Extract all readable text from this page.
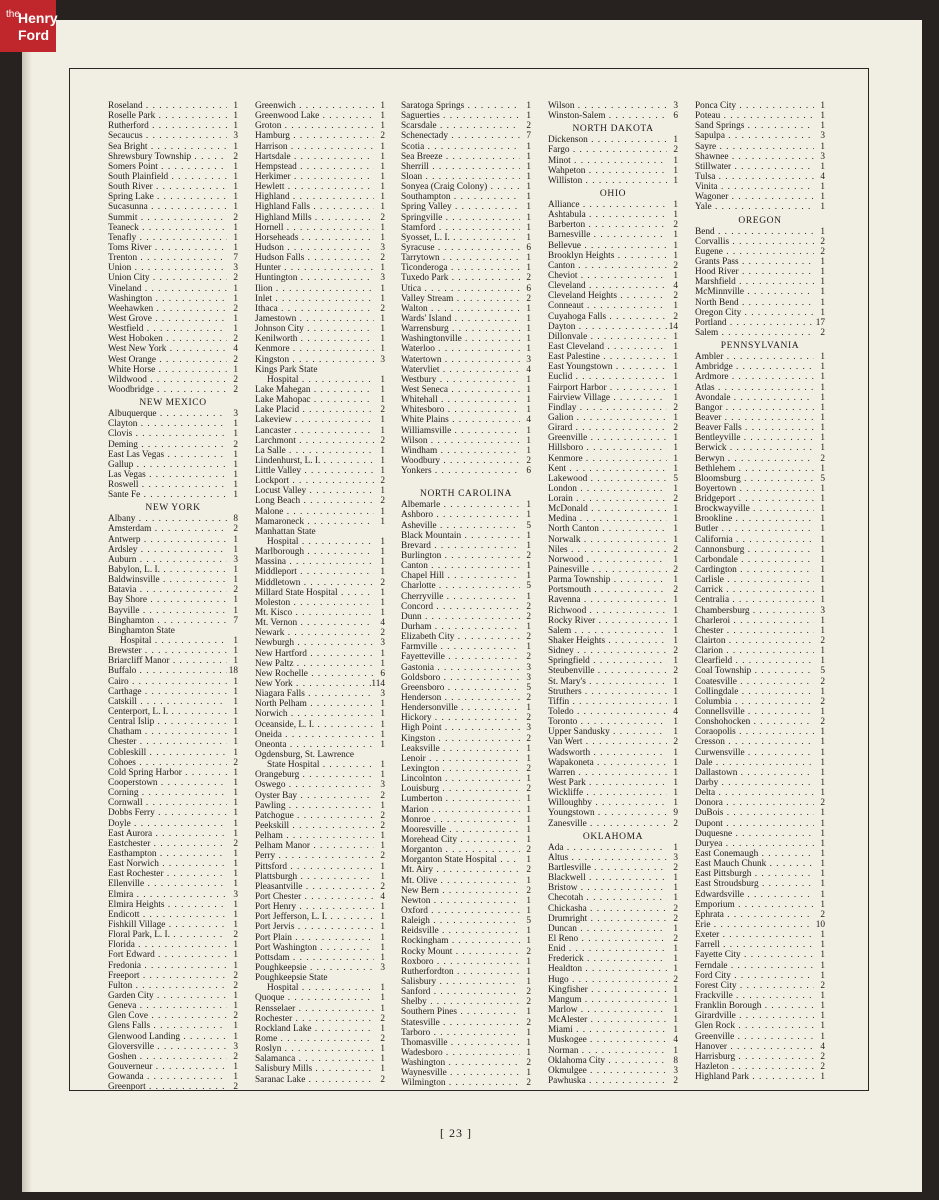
the
Henry
Ford
Roseland . . .	1
Roselle Park . . .	1
Rutherford . . .	1
Secaucus . . .	3
Sea Bright . . .	1
Shrewsbury Township . . .	2
Somers Point . . .	1
South Plainfield . . .	1
South River . . .	1
Spring Lake . . .	1
Sucasunna . . .	1
Summit . . .	2
Teaneck . . .	1
Tenafly . . .	1
Toms River . . .	1
Trenton . . .	7
Union . . .	3
Union City . . .	2
Vineland . . .	1
Washington . . .	1
Weehawken . . .	2
West Grove . . .	1
Westfield . . .	1
West Hoboken . . .	2
West New York . . .	4
West Orange . . .	2
White Horse . . .	1
Wildwood . . .	2
Woodbridge . . .	2
NEW MEXICO
Albuquerque . . .	3
Clayton . . .	1
Clovis . . .	1
Deming . . .	2
East Las Vegas . . .	1
Gallup . . .	1
Las Vegas . . .	1
Roswell . . .	1
Sante Fe . . .	1
NEW YORK
Albany . . .	8
Amsterdam . . .	2
Antwerp . . .	1
Ardsley . . .	1
Auburn . . .	3
Babylon, L. I. . . .	1
Baldwinsville . . .	1
Batavia . . .	2
Bay Shore . . .	1
Bayville . . .	1
Binghamton . . .	7
Binghamton State
Hospital . . .	1
Brewster . . .	1
Briarcliff Manor . . .	1
Buffalo . . .	18
Cairo . . .	1
Carthage . . .	1
Catskill . . .	1
Centerport, L. I. . . .	1
Central Islip . . .	1
Chatham . . .	1
Chester . . .	1
Cobleskill . . .	1
Cohoes . . .	2
Cold Spring Harbor . . .	1
Cooperstown . . .	1
Corning . . .	1
Cornwall . . .	1
Dobbs Ferry . . .	1
Doyle . . .	1
East Aurora . . .	1
Eastchester . . .	2
Easthampton . . .	1
East Norwich . . .	1
East Rochester . . .	1
Ellenville . . .	1
Elmira . . .	3
Elmira Heights . . .	1
Endicott . . .	1
Fishkill Village . . .	1
Floral Park, L. I. . . .	2
Florida . . .	1
Fort Edward . . .	1
Fredonia . . .	1
Freeport . . .	2
Fulton . . .	2
Garden City . . .	1
Geneva . . .	1
Glen Cove . . .	2
Glens Falls . . .	1
Glenwood Landing . . .	1
Gloversville . . .	3
Goshen . . .	2
Gouverneur . . .	1
Gowanda . . .	1
Greenport . . .	2
Greenwich . . .	1
Greenwood Lake . . .	1
Groton . . .	1
Hamburg . . .	2
Harrison . . .	1
Hartsdale . . .	1
Hempstead . . .	1
Herkimer . . .	1
Hewlett . . .	1
Highland . . .	1
Highland Falls . . .	1
Highland Mills . . .	2
Hornell . . .	1
Horseheads . . .	1
Hudson . . .	3
Hudson Falls . . .	2
Hunter . . .	1
Huntington . . .	3
Ilion . . .	1
Inlet . . .	1
Ithaca . . .	2
Jamestown . . .	1
Johnson City . . .	1
Kenilworth . . .	1
Kenmore . . .	1
Kingston . . .	3
Kings Park State
Hospital . . .	1
Lake Mahegan . . .	1
Lake Mahopac . . .	1
Lake Placid . . .	2
Lakeview . . .	1
Lancaster . . .	1
Larchmont . . .	2
La Salle . . .	1
Lindenhurst, L. I. . . .	1
Little Valley . . .	1
Lockport . . .	2
Locust Valley . . .	1
Long Beach . . .	2
Malone . . .	1
Mamaroneck . . .	1
Manhattan State
Hospital . . .	1
Marlborough . . .	1
Massina . . .	1
Middleport . . .	1
Middletown . . .	2
Millard State Hospital . . .	1
Moleston . . .	1
Mt. Kisco . . .	1
Mt. Vernon . . .	4
Newark . . .	2
Newburgh . . .	3
New Hartford . . .	1
New Paltz . . .	1
New Rochelle . . .	6
New York . . .	114
Niagara Falls . . .	3
North Pelham . . .	1
Norwich . . .	1
Oceanside, L. I. . . .	1
Oneida . . .	1
Oneonta . . .	1
Ogdensburg, St. Lawrence
State Hospital . . .	1
Orangeburg . . .	1
Oswego . . .	3
Oyster Bay . . .	2
Pawling . . .	1
Patchogue . . .	2
Peekskill . . .	2
Pelham . . .	1
Pelham Manor . . .	1
Perry . . .	2
Pittsford . . .	1
Plattsburgh . . .	1
Pleasantville . . .	2
Port Chester . . .	4
Port Henry . . .	1
Port Jefferson, L. I. . . .	1
Port Jervis . . .	1
Port Plain . . .	1
Port Washington . . .	1
Pottsdam . . .	1
Poughkeepsie . . .	3
Poughkeepsie State
Hospital . . .	1
Quoque . . .	1
Rensselaer . . .	1
Rochester . . .	2
Rockland Lake . . .	1
Rome . . .	2
Roslyn . . .	1
Salamanca . . .	1
Salisbury Mills . . .	1
Saranac Lake . . .	2
Saratoga Springs . . .	1
Saguerties . . .	1
Scarsdale . . .	2
Schenectady . . .	7
Scotia . . .	1
Sea Breeze . . .	1
Sherrill . . .	1
Sloan . . .	1
Sonyea (Craig Colony) . . .	1
Southampton . . .	1
Spring Valley . . .	1
Springville . . .	1
Stamford . . .	1
Syosset, L. I. . . .	1
Syracuse . . .	6
Tarrytown . . .	1
Ticonderoga . . .	1
Tuxedo Park . . .	2
Utica . . .	6
Valley Stream . . .	2
Walton . . .	1
Wards' Island . . .	1
Warrensburg . . .	1
Washingtonville . . .	1
Waterloo . . .	1
Watertown . . .	3
Watervliet . . .	4
Westbury . . .	1
West Seneca . . .	1
Whitehall . . .	1
Whitesboro . . .	1
White Plains . . .	4
Williamsville . . .	1
Wilson . . .	1
Windham . . .	1
Woodbury . . .	2
Yonkers . . .	6
NORTH CAROLINA
Albemarle . . .	1
Ashboro . . .	1
Asheville . . .	5
Black Mountain . . .	1
Brevard . . .	1
Burlington . . .	2
Canton . . .	1
Chapel Hill . . .	1
Charlotte . . .	5
Cherryville . . .	1
Concord . . .	2
Dunn . . .	2
Durham . . .	1
Elizabeth City . . .	2
Farmville . . .	1
Fayetteville . . .	2
Gastonia . . .	3
Goldsboro . . .	3
Greensboro . . .	5
Henderson . . .	2
Hendersonville . . .	1
Hickory . . .	2
High Point . . .	3
Kingston . . .	2
Leaksville . . .	1
Lenoir . . .	1
Lexington . . .	2
Lincolnton . . .	1
Louisburg . . .	2
Lumberton . . .	1
Marion . . .	1
Monroe . . .	1
Mooresville . . .	1
Morehead City . . .	1
Morganton . . .	2
Morganton State Hospital . . .	1
Mt. Airy . . .	2
Mt. Olive . . .	1
New Bern . . .	2
Newton . . .	1
Oxford . . .	1
Raleigh . . .	5
Reidsville . . .	1
Rockingham . . .	1
Rocky Mount . . .	2
Roxboro . . .	1
Rutherfordton . . .	1
Salisbury . . .	1
Sanford . . .	2
Shelby . . .	2
Southern Pines . . .	1
Statesville . . .	2
Tarboro . . .	1
Thomasville . . .	1
Wadesboro . . .	1
Washington . . .	2
Waynesville . . .	1
Wilmington . . .	2
Wilson . . .	3
Winston-Salem . . .	6
NORTH DAKOTA
Dickenson . . .	1
Fargo . . .	2
Minot . . .	1
Wahpeton . . .	1
Williston . . .	1
OHIO
Alliance . . .	1
Ashtabula . . .	1
Barberton . . .	2
Barnesville . . .	1
Bellevue . . .	1
Brooklyn Heights . . .	1
Canton . . .	2
Cheviot . . .	1
Cleveland . . .	4
Cleveland Heights . . .	2
Conneaut . . .	1
Cuyahoga Falls . . .	2
Dayton . . .	14
Dillonvale . . .	1
East Cleveland . . .	1
East Palestine . . .	1
East Youngstown . . .	1
Euclid . . .	1
Fairport Harbor . . .	1
Fairview Village . . .	1
Findlay . . .	2
Galion . . .	1
Girard . . .	2
Greenville . . .	1
Hillsboro . . .	1
Kenmore . . .	1
Kent . . .	1
Lakewood . . .	5
London . . .	1
Lorain . . .	2
McDonald . . .	1
Medina . . .	1
North Canton . . .	1
Norwalk . . .	1
Niles . . .	2
Norwood . . .	1
Painesville . . .	2
Parma Township . . .	1
Portsmouth . . .	2
Ravenna . . .	1
Richwood . . .	1
Rocky River . . .	1
Salem . . .	1
Shaker Heights . . .	1
Sidney . . .	2
Springfield . . .	1
Steubenville . . .	2
St. Mary's . . .	1
Struthers . . .	1
Tiffin . . .	1
Toledo . . .	4
Toronto . . .	1
Upper Sandusky . . .	1
Van Wert . . .	2
Wadsworth . . .	1
Wapakoneta . . .	1
Warren . . .	1
West Park . . .	1
Wickliffe . . .	1
Willoughby . . .	1
Youngstown . . .	9
Zanesville . . .	2
OKLAHOMA
Ada . . .	1
Altus . . .	3
Bartlesville . . .	2
Blackwell . . .	1
Bristow . . .	1
Checotah . . .	1
Chickasha . . .	2
Drumright . . .	2
Duncan . . .	1
El Reno . . .	2
Enid . . .	1
Frederick . . .	1
Healdton . . .	1
Hugo . . .	2
Kingfisher . . .	1
Mangum . . .	1
Marlow . . .	1
McAlester . . .	1
Miami . . .	1
Muskogee . . .	4
Norman . . .	1
Oklahoma City . . .	8
Okmulgee . . .	3
Pawhuska . . .	2
Ponca City . . .	1
Poteau . . .	1
Sand Springs . . .	1
Sapulpa . . .	3
Sayre . . .	1
Shawnee . . .	3
Stillwater . . .	1
Tulsa . . .	4
Vinita . . .	1
Wagoner . . .	1
Yale . . .	1
OREGON
Bend . . .	1
Corvallis . . .	2
Eugene . . .	2
Grants Pass . . .	1
Hood River . . .	1
Marshfield . . .	1
McMinnville . . .	1
North Bend . . .	1
Oregon City . . .	1
Portland . . .	17
Salem . . .	2
PENNSYLVANIA
Ambler . . .	1
Ambridge . . .	1
Ardmore . . .	1
Atlas . . .	1
Avondale . . .	1
Bangor . . .	1
Beaver . . .	1
Beaver Falls . . .	1
Bentleyville . . .	1
Berwick . . .	1
Berwyn . . .	2
Bethlehem . . .	1
Bloomsburg . . .	5
Boyertown . . .	1
Bridgeport . . .	1
Brockwayville . . .	1
Brookline . . .	1
Butler . . .	1
California . . .	1
Cannonsburg . . .	1
Carbondale . . .	1
Cardington . . .	1
Carlisle . . .	1
Carrick . . .	1
Centralia . . .	1
Chambersburg . . .	3
Charleroi . . .	1
Chester . . .	1
Clairton . . .	2
Clarion . . .	1
Clearfield . . .	1
Coal Township . . .	5
Coatesville . . .	2
Collingdale . . .	1
Columbia . . .	2
Connellsville . . .	1
Conshohocken . . .	2
Coraopolis . . .	1
Cresson . . .	1
Curwensville . . .	1
Dale . . .	1
Dallastown . . .	1
Darby . . .	1
Delta . . .	1
Donora . . .	2
DuBois . . .	1
Dupont . . .	1
Duquesne . . .	1
Duryea . . .	1
East Conemaugh . . .	1
East Mauch Chunk . . .	1
East Pittsburgh . . .	1
East Stroudsburg . . .	1
Edwardsville . . .	1
Emporium . . .	1
Ephrata . . .	2
Erie . . .	10
Exeter . . .	1
Farrell . . .	1
Fayette City . . .	1
Ferndale . . .	1
Ford City . . .	1
Forest City . . .	2
Frackville . . .	1
Franklin Borough . . .	1
Girardville . . .	1
Glen Rock . . .	1
Greenville . . .	1
Hanover . . .	4
Harrisburg . . .	2
Hazleton . . .	2
Highland Park . . .	1
[ 23 ]
